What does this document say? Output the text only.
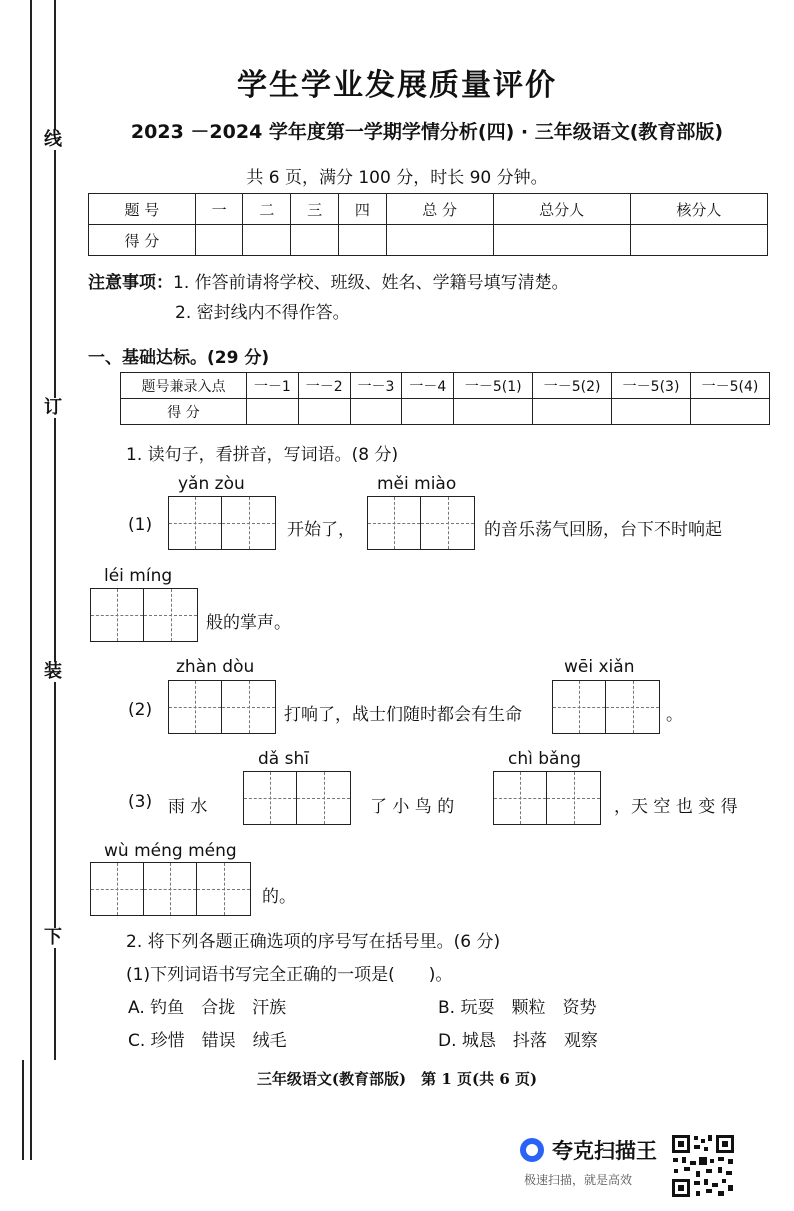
线
订
装
下
学生学业发展质量评价
2023 －2024 学年度第一学期学情分析(四) · 三年级语文(教育部版)
共 6 页，满分 100 分，时长 90 分钟。
题 号	一	二	三	四	总 分	总分人	核分人
得 分							
注意事项：1. 作答前请将学校、班级、姓名、学籍号填写清楚。
2. 密封线内不得作答。
一、基础达标。(29 分)
题号兼录入点	一－1	一－2	一－3	一－4	一－5(1)	一－5(2)	一－5(3)	一－5(4)
得 分								
1. 读句子，看拼音，写词语。(8 分)
(1)
yǎn zòu
开始了，
měi miào
的音乐荡气回肠，台下不时响起
léi míng
般的掌声。
(2)
zhàn dòu
打响了，战士们随时都会有生命
wēi xiǎn
。
(3) 雨 水
dǎ shī
了 小 鸟 的
chì bǎng
，天 空 也 变 得
wù méng méng
的。
2. 将下列各题正确选项的序号写在括号里。(6 分)
(1)下列词语书写完全正确的一项是(　　)。
A. 钓鱼　合拢　汗族	B. 玩耍　颗粒　资势
C. 珍惜　错误　绒毛	D. 城恳　抖落　观察
三年级语文(教育部版)　第 1 页(共 6 页)
夸克扫描王
极速扫描，就是高效
